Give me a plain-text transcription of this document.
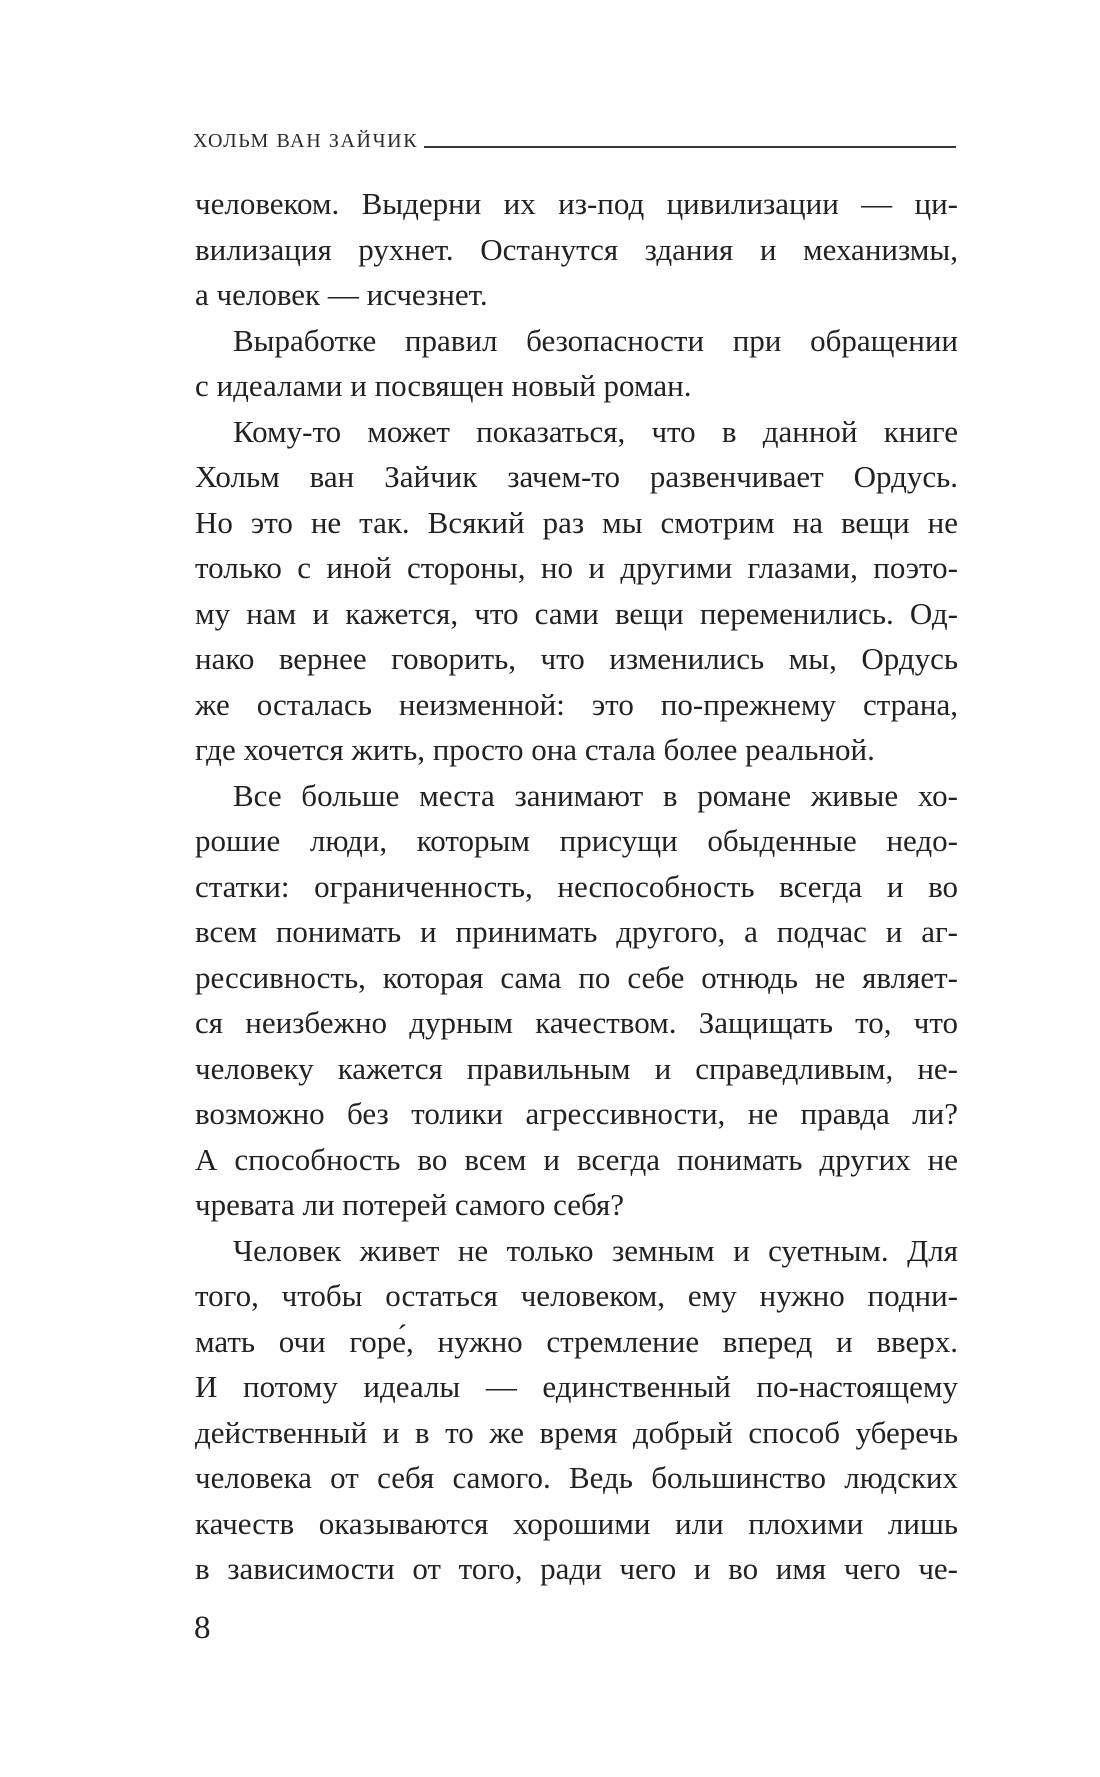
ХОЛЬМ ВАН ЗАЙЧИК
человеком. Выдерни их из-под цивилизации — ци-
вилизация рухнет. Останутся здания и механизмы,
а человек — исчезнет.
Выработке правил безопасности при обращении
с идеалами и посвящен новый роман.
Кому-то может показаться, что в данной книге
Хольм ван Зайчик зачем-то развенчивает Ордусь.
Но это не так. Всякий раз мы смотрим на вещи не
только с иной стороны, но и другими глазами, поэто-
му нам и кажется, что сами вещи переменились. Од-
нако вернее говорить, что изменились мы, Ордусь
же осталась неизменной: это по-прежнему страна,
где хочется жить, просто она стала более реальной.
Все больше места занимают в романе живые хо-
рошие люди, которым присущи обыденные недо-
статки: ограниченность, неспособность всегда и во
всем понимать и принимать другого, а подчас и аг-
рессивность, которая сама по себе отнюдь не являет-
ся неизбежно дурным качеством. Защищать то, что
человеку кажется правильным и справедливым, не-
возможно без толики агрессивности, не правда ли?
А способность во всем и всегда понимать других не
чревата ли потерей самого себя?
Человек живет не только земным и суетным. Для
того, чтобы остаться человеком, ему нужно подни-
мать очи горе́, нужно стремление вперед и вверх.
И потому идеалы — единственный по-настоящему
действенный и в то же время добрый способ уберечь
человека от себя самого. Ведь большинство людских
качеств оказываются хорошими или плохими лишь
в зависимости от того, ради чего и во имя чего че-
8
